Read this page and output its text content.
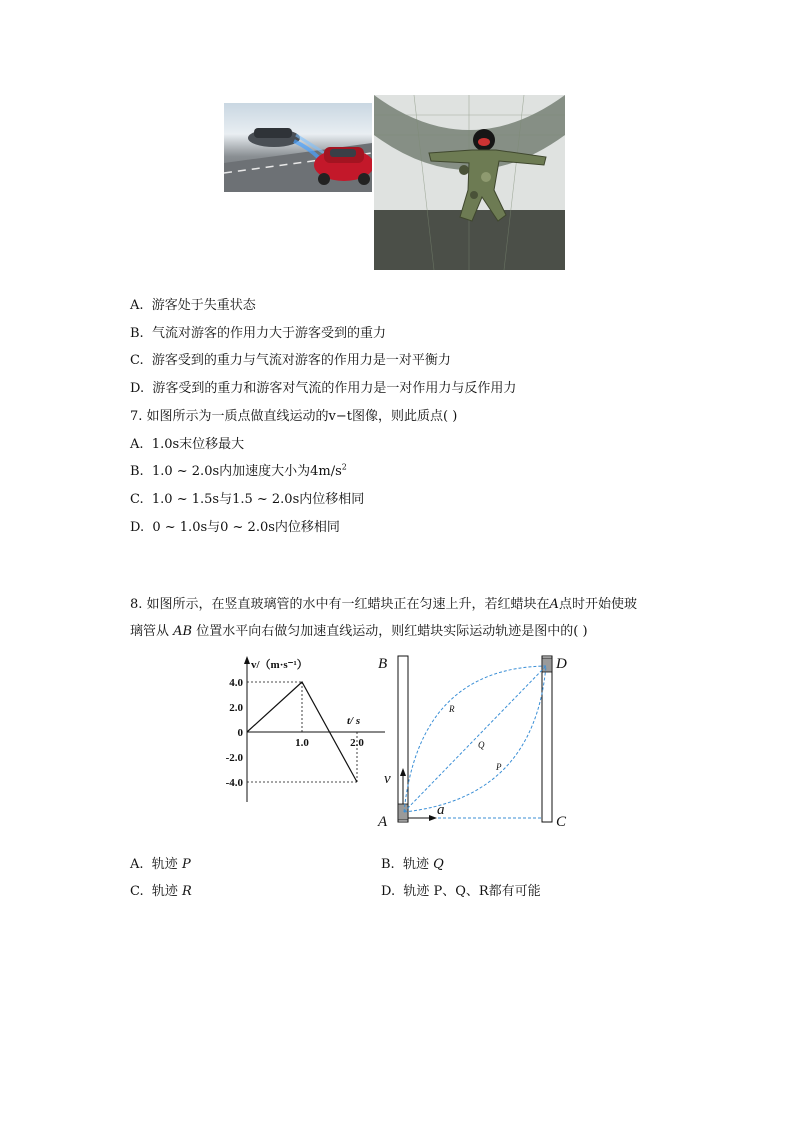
A. 游客处于失重状态
B. 气流对游客的作用力大于游客受到的重力
C. 游客受到的重力与气流对游客的作用力是一对平衡力
D. 游客受到的重力和游客对气流的作用力是一对作用力与反作用力
7. 如图所示为一质点做直线运动的v−t图像，则此质点( )
A. 1.0s末位移最大
B. 1.0 ~ 2.0s内加速度大小为$4m/s^2$
C. 1.0 ~ 1.5s与1.5 ~ 2.0s内位移相同
D. 0 ~ 1.0s与0 ~ 2.0s内位移相同
8. 如图所示，在竖直玻璃管的水中有一红蜡块正在匀速上升，若红蜡块在A点时开始使玻
璃管从 AB 位置水平向右做匀加速直线运动，则红蜡块实际运动轨迹是图中的( )
v/（m·s⁻¹）
t/ s
4.0
2.0
0
-2.0
-4.0
1.0	2.0
B	D
A	C
v
a
R
Q
P
A. 轨迹 P	B. 轨迹 Q
C. 轨迹 R	D. 轨迹 P、Q、R都有可能
